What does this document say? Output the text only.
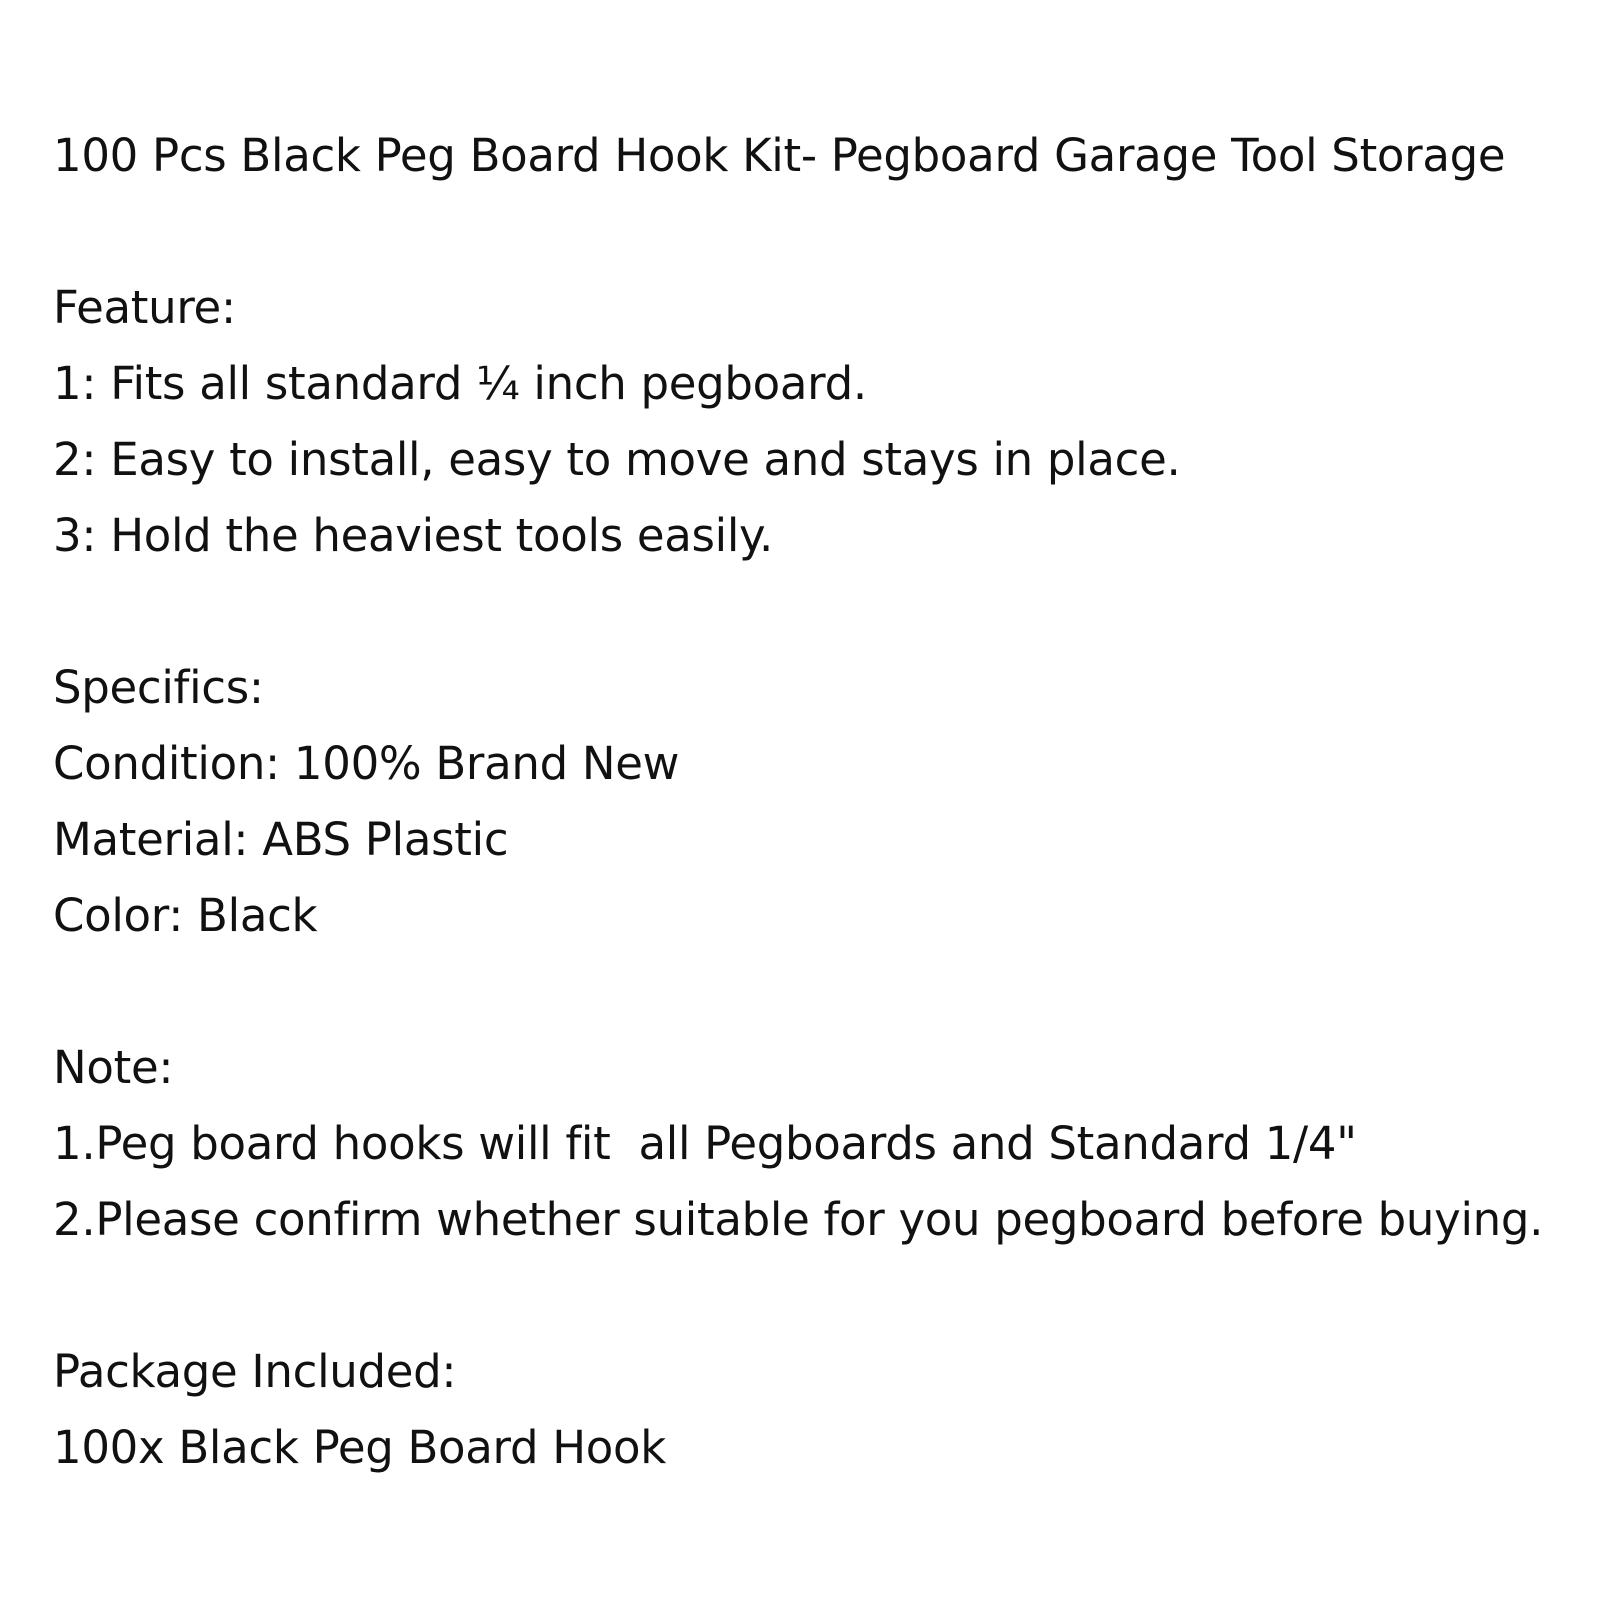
100 Pcs Black Peg Board Hook Kit- Pegboard Garage Tool Storage
Feature:
1: Fits all standard ¼ inch pegboard.
2: Easy to install, easy to move and stays in place.
3: Hold the heaviest tools easily.
Specifics:
Condition: 100% Brand New
Material: ABS Plastic
Color: Black
Note:
1.Peg board hooks will fit  all Pegboards and Standard 1/4"
2.Please confirm whether suitable for you pegboard before buying.
Package Included:
100x Black Peg Board Hook
